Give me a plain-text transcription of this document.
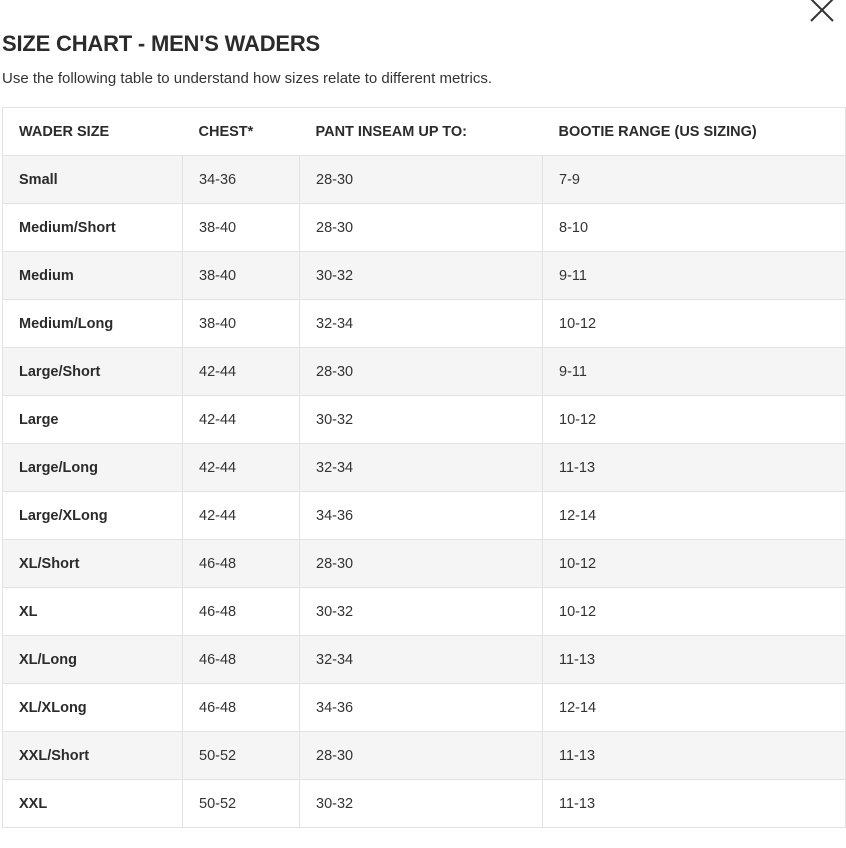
SIZE CHART - MEN'S WADERS

Use the following table to understand how sizes relate to different metrics.

WADER SIZE	CHEST*	PANT INSEAM UP TO:	BOOTIE RANGE (US SIZING)
Small	34-36	28-30	7-9
Medium/Short	38-40	28-30	8-10
Medium	38-40	30-32	9-11
Medium/Long	38-40	32-34	10-12
Large/Short	42-44	28-30	9-11
Large	42-44	30-32	10-12
Large/Long	42-44	32-34	11-13
Large/XLong	42-44	34-36	12-14
XL/Short	46-48	28-30	10-12
XL	46-48	30-32	10-12
XL/Long	46-48	32-34	11-13
XL/XLong	46-48	34-36	12-14
XXL/Short	50-52	28-30	11-13
XXL	50-52	30-32	11-13
